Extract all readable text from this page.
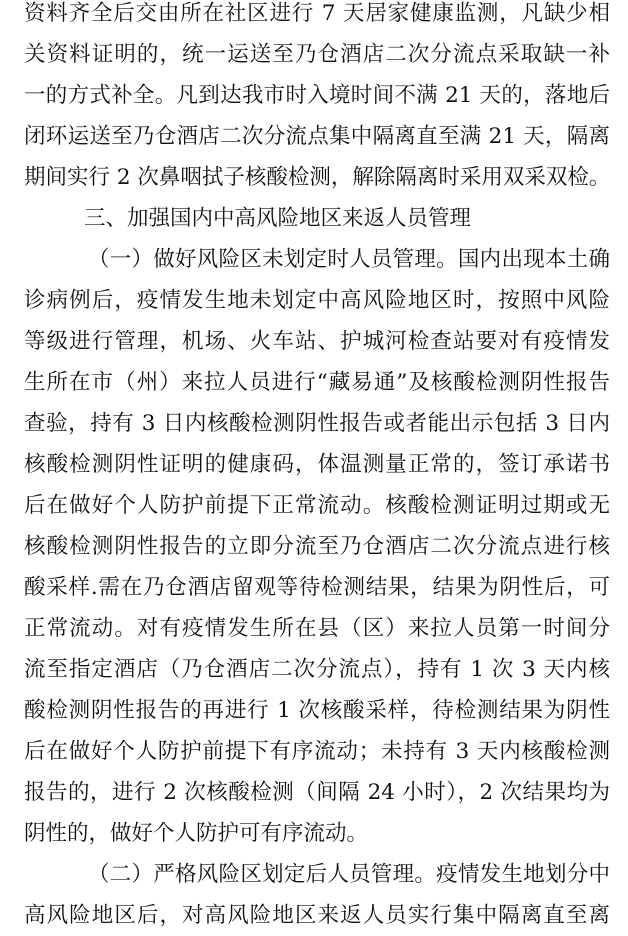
资料齐全后交由所在社区进行 7 天居家健康监测，凡缺少相
关资料证明的，统一运送至乃仓酒店二次分流点采取缺一补
一的方式补全。凡到达我市时入境时间不满 21 天的，落地后
闭环运送至乃仓酒店二次分流点集中隔离直至满 21 天，隔离
期间实行 2 次鼻咽拭子核酸检测，解除隔离时采用双采双检。
三、加强国内中高风险地区来返人员管理
（一）做好风险区未划定时人员管理。国内出现本土确
诊病例后，疫情发生地未划定中高风险地区时，按照中风险
等级进行管理，机场、火车站、护城河检查站要对有疫情发
生所在市（州）来拉人员进行“藏易通”及核酸检测阴性报告
查验，持有 3 日内核酸检测阴性报告或者能出示包括 3 日内
核酸检测阴性证明的健康码，体温测量正常的，签订承诺书
后在做好个人防护前提下正常流动。核酸检测证明过期或无
核酸检测阴性报告的立即分流至乃仓酒店二次分流点进行核
酸采样.需在乃仓酒店留观等待检测结果，结果为阴性后，可
正常流动。对有疫情发生所在县（区）来拉人员第一时间分
流至指定酒店（乃仓酒店二次分流点），持有 1 次 3 天内核
酸检测阴性报告的再进行 1 次核酸采样，待检测结果为阴性
后在做好个人防护前提下有序流动；未持有 3 天内核酸检测
报告的，进行 2 次核酸检测（间隔 24 小时），2 次结果均为
阴性的，做好个人防护可有序流动。
（二）严格风险区划定后人员管理。疫情发生地划分中
高风险地区后，对高风险地区来返人员实行集中隔离直至离
